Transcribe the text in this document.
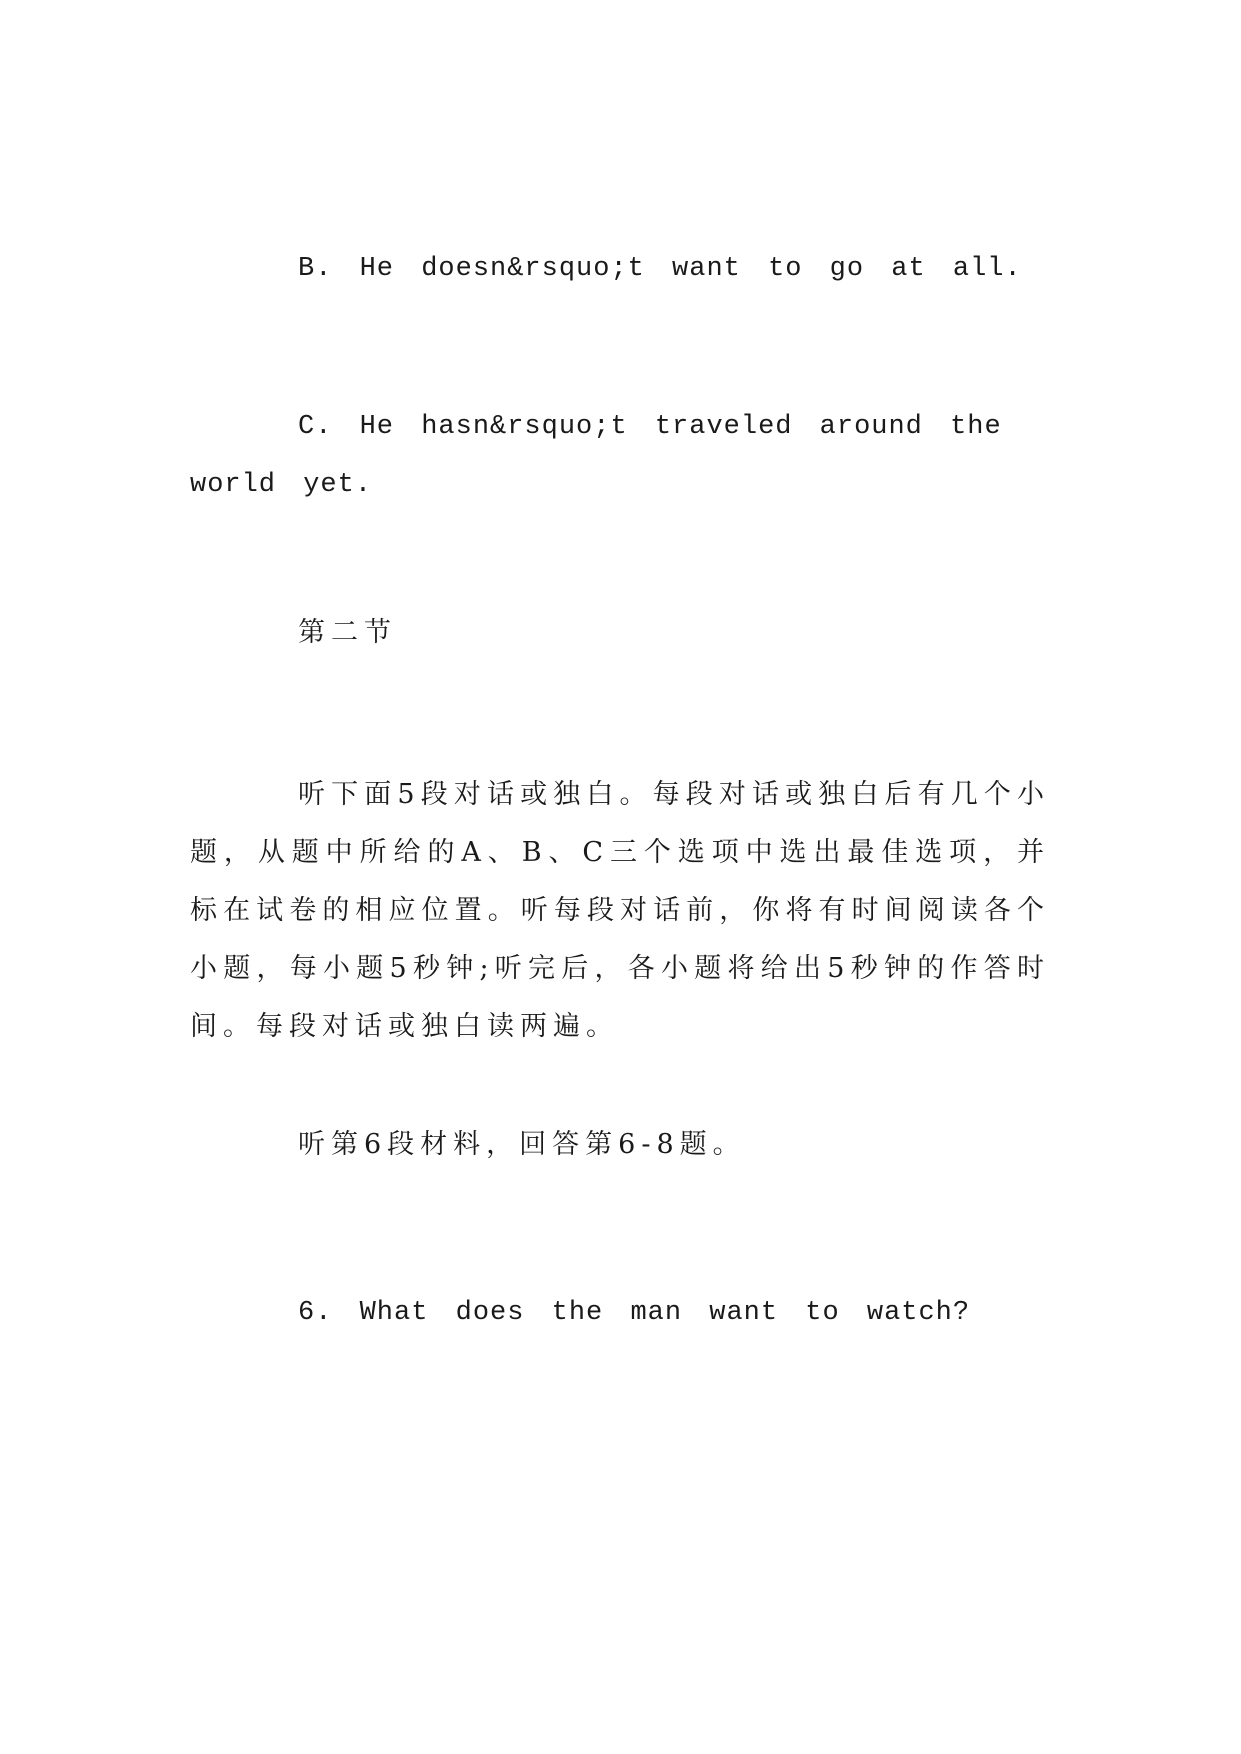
B. He doesn&rsquo;t want to go at all.

C. He hasn&rsquo;t traveled around the world yet.

第二节

听下面5段对话或独白。每段对话或独白后有几个小题，从题中所给的A、B、C三个选项中选出最佳选项，并标在试卷的相应位置。听每段对话前，你将有时间阅读各个小题，每小题5秒钟;听完后，各小题将给出5秒钟的作答时间。每段对话或独白读两遍。

听第6段材料，回答第6-8题。

6. What does the man want to watch?
